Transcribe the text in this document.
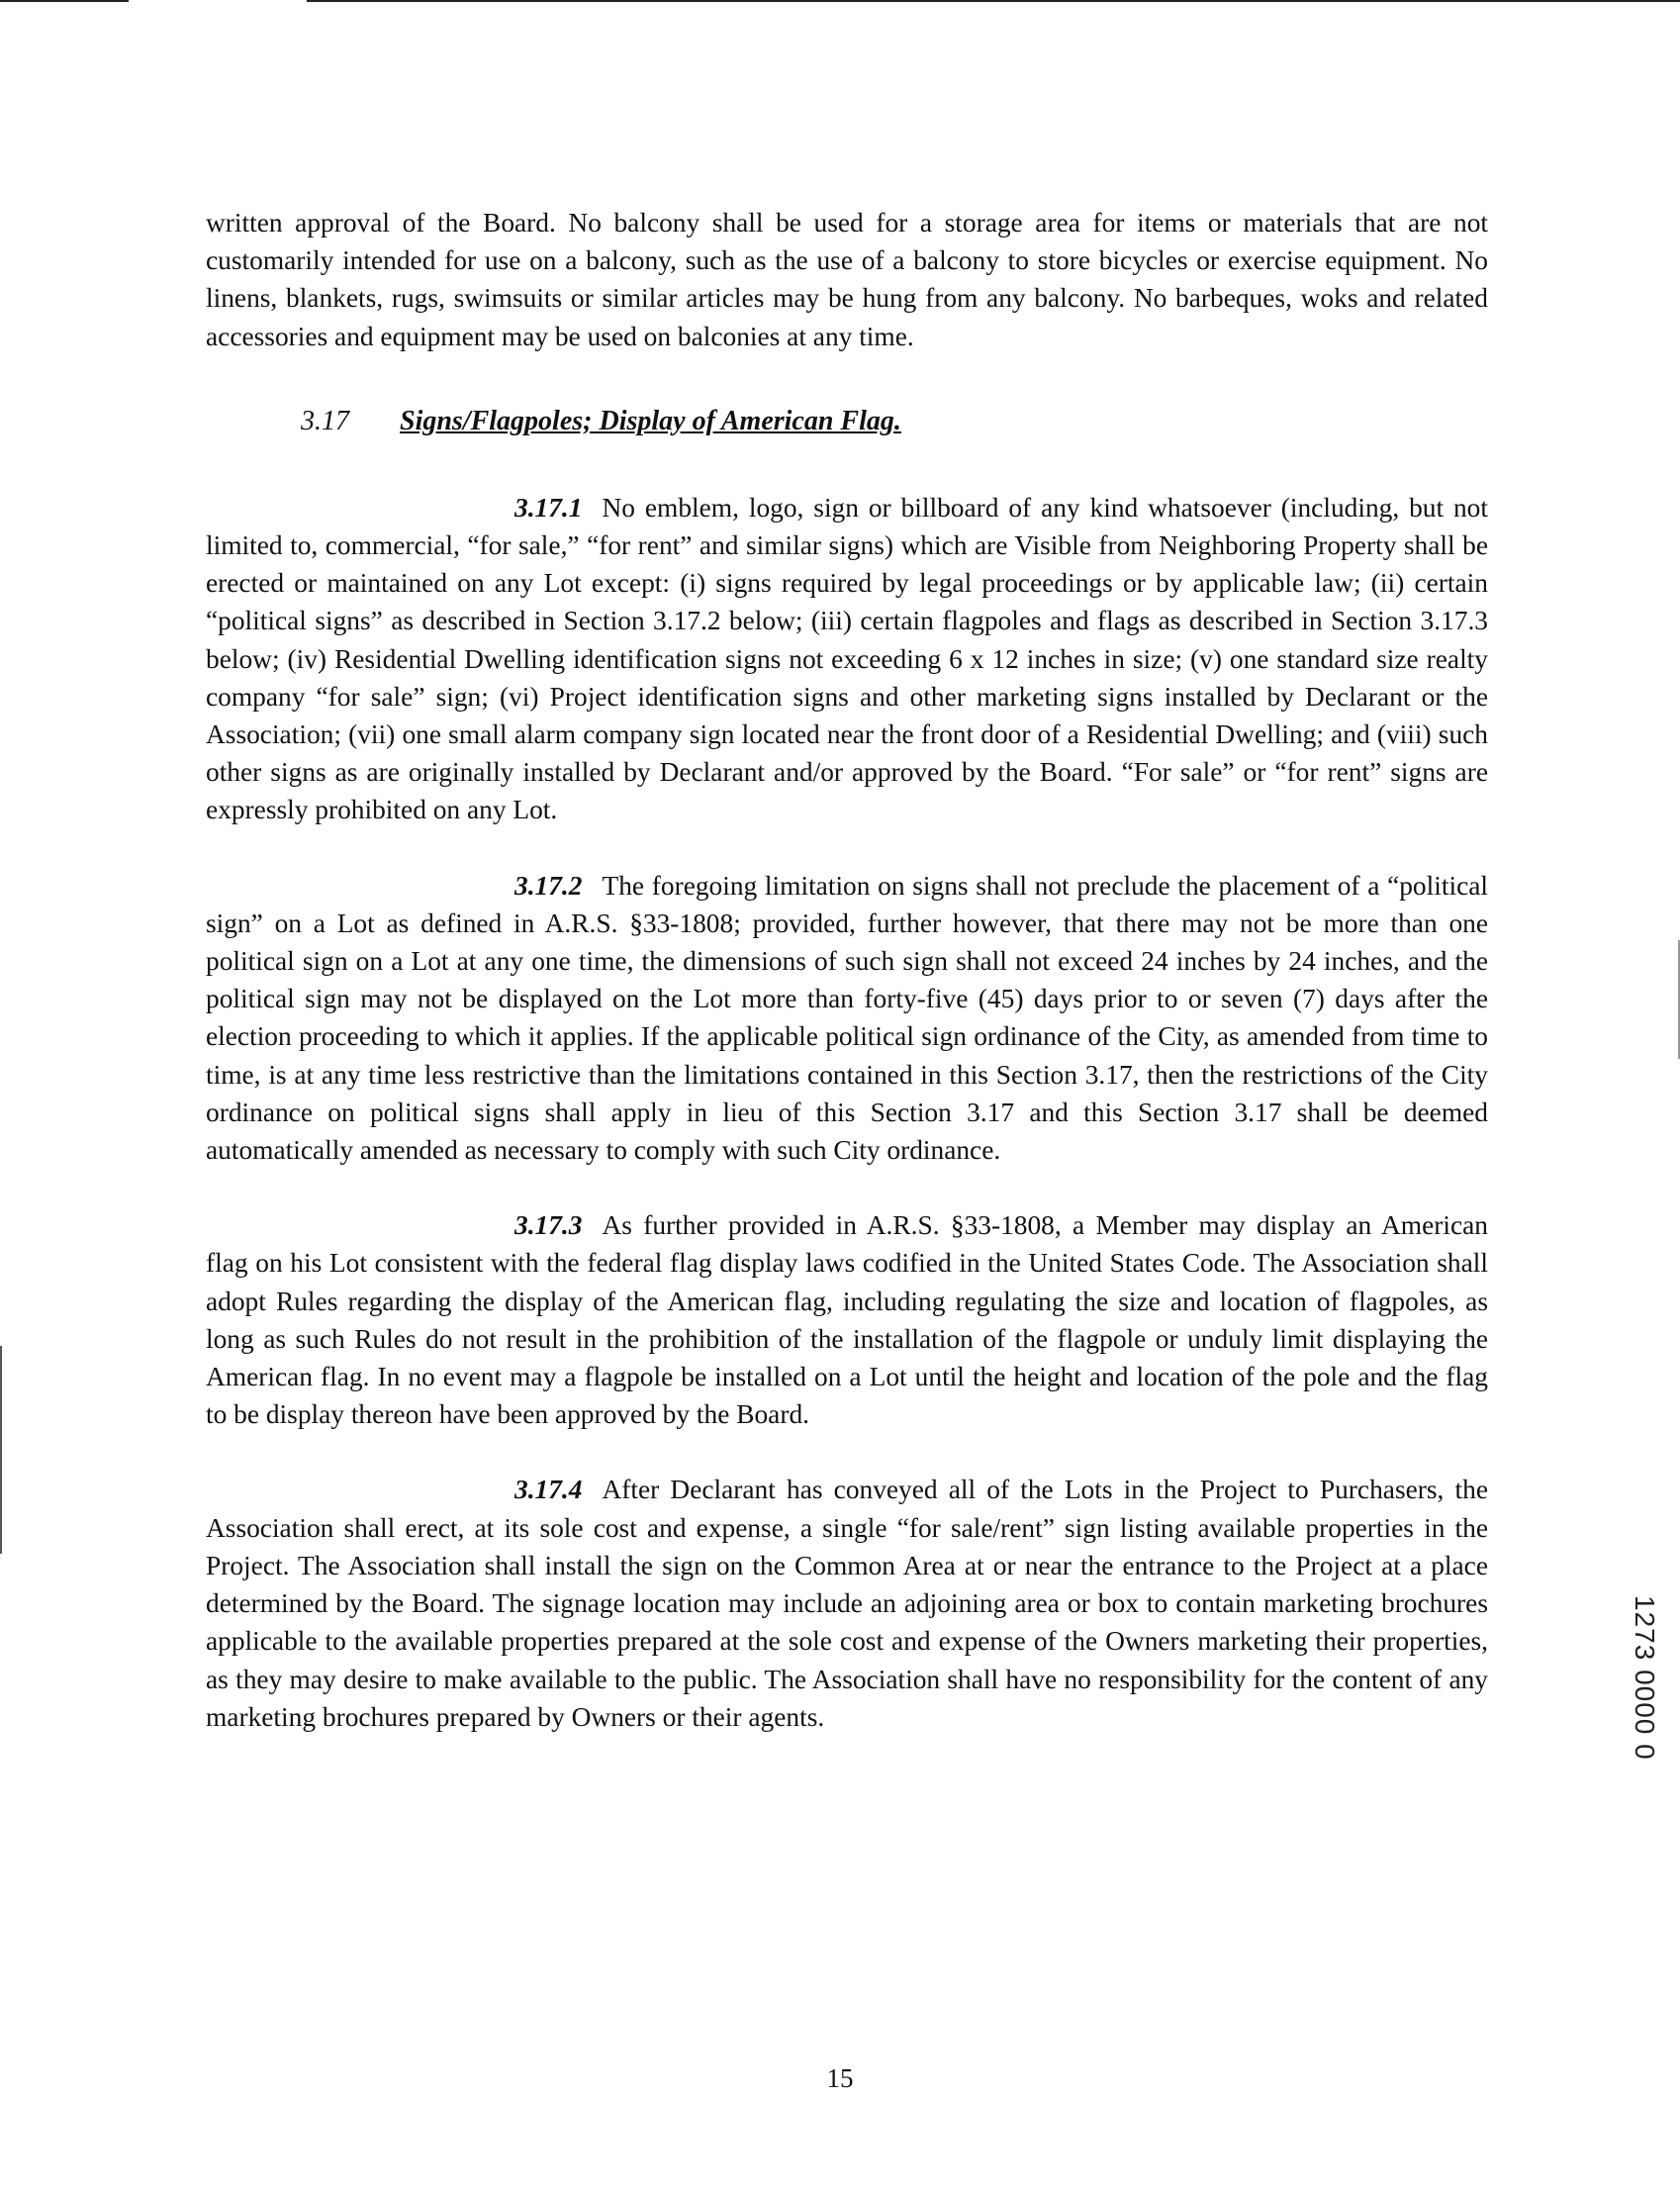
written approval of the Board. No balcony shall be used for a storage area for items or materials that are not customarily intended for use on a balcony, such as the use of a balcony to store bicycles or exercise equipment. No linens, blankets, rugs, swimsuits or similar articles may be hung from any balcony. No barbeques, woks and related accessories and equipment may be used on balconies at any time.

3.17 Signs/Flagpoles; Display of American Flag.

3.17.1 No emblem, logo, sign or billboard of any kind whatsoever (including, but not limited to, commercial, “for sale,” “for rent” and similar signs) which are Visible from Neighboring Property shall be erected or maintained on any Lot except: (i) signs required by legal proceedings or by applicable law; (ii) certain “political signs” as described in Section 3.17.2 below; (iii) certain flagpoles and flags as described in Section 3.17.3 below; (iv) Residential Dwelling identification signs not exceeding 6 x 12 inches in size; (v) one standard size realty company “for sale” sign; (vi) Project identification signs and other marketing signs installed by Declarant or the Association; (vii) one small alarm company sign located near the front door of a Residential Dwelling; and (viii) such other signs as are originally installed by Declarant and/or approved by the Board. “For sale” or “for rent” signs are expressly prohibited on any Lot.

3.17.2 The foregoing limitation on signs shall not preclude the placement of a “political sign” on a Lot as defined in A.R.S. §33-1808; provided, further however, that there may not be more than one political sign on a Lot at any one time, the dimensions of such sign shall not exceed 24 inches by 24 inches, and the political sign may not be displayed on the Lot more than forty-five (45) days prior to or seven (7) days after the election proceeding to which it applies. If the applicable political sign ordinance of the City, as amended from time to time, is at any time less restrictive than the limitations contained in this Section 3.17, then the restrictions of the City ordinance on political signs shall apply in lieu of this Section 3.17 and this Section 3.17 shall be deemed automatically amended as necessary to comply with such City ordinance.

3.17.3 As further provided in A.R.S. §33-1808, a Member may display an American flag on his Lot consistent with the federal flag display laws codified in the United States Code. The Association shall adopt Rules regarding the display of the American flag, including regulating the size and location of flagpoles, as long as such Rules do not result in the prohibition of the installation of the flagpole or unduly limit displaying the American flag. In no event may a flagpole be installed on a Lot until the height and location of the pole and the flag to be display thereon have been approved by the Board.

3.17.4 After Declarant has conveyed all of the Lots in the Project to Purchasers, the Association shall erect, at its sole cost and expense, a single “for sale/rent” sign listing available properties in the Project. The Association shall install the sign on the Common Area at or near the entrance to the Project at a place determined by the Board. The signage location may include an adjoining area or box to contain marketing brochures applicable to the available properties prepared at the sole cost and expense of the Owners marketing their properties, as they may desire to make available to the public. The Association shall have no responsibility for the content of any marketing brochures prepared by Owners or their agents.	1273 0000 0
15
